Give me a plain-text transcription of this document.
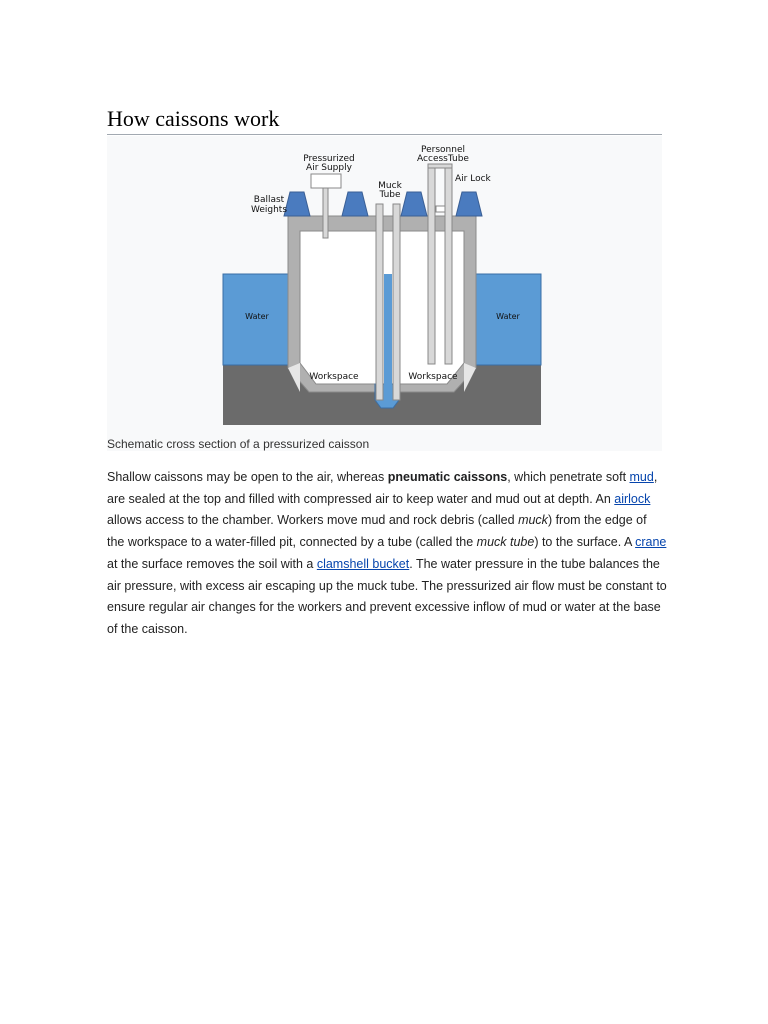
How caissons work
Pressurized
Air Supply
Personnel
AccessTube
Air Lock
Muck
Tube
Ballast
Weights
Water	Water
Workspace	Workspace
Schematic cross section of a pressurized caisson

Shallow caissons may be open to the air, whereas pneumatic caissons, which penetrate soft mud, are sealed at the top and filled with compressed air to keep water and mud out at depth. An airlock allows access to the chamber. Workers move mud and rock debris (called muck) from the edge of the workspace to a water-filled pit, connected by a tube (called the muck tube) to the surface. A crane at the surface removes the soil with a clamshell bucket. The water pressure in the tube balances the air pressure, with excess air escaping up the muck tube. The pressurized air flow must be constant to ensure regular air changes for the workers and prevent excessive inflow of mud or water at the base of the caisson.
